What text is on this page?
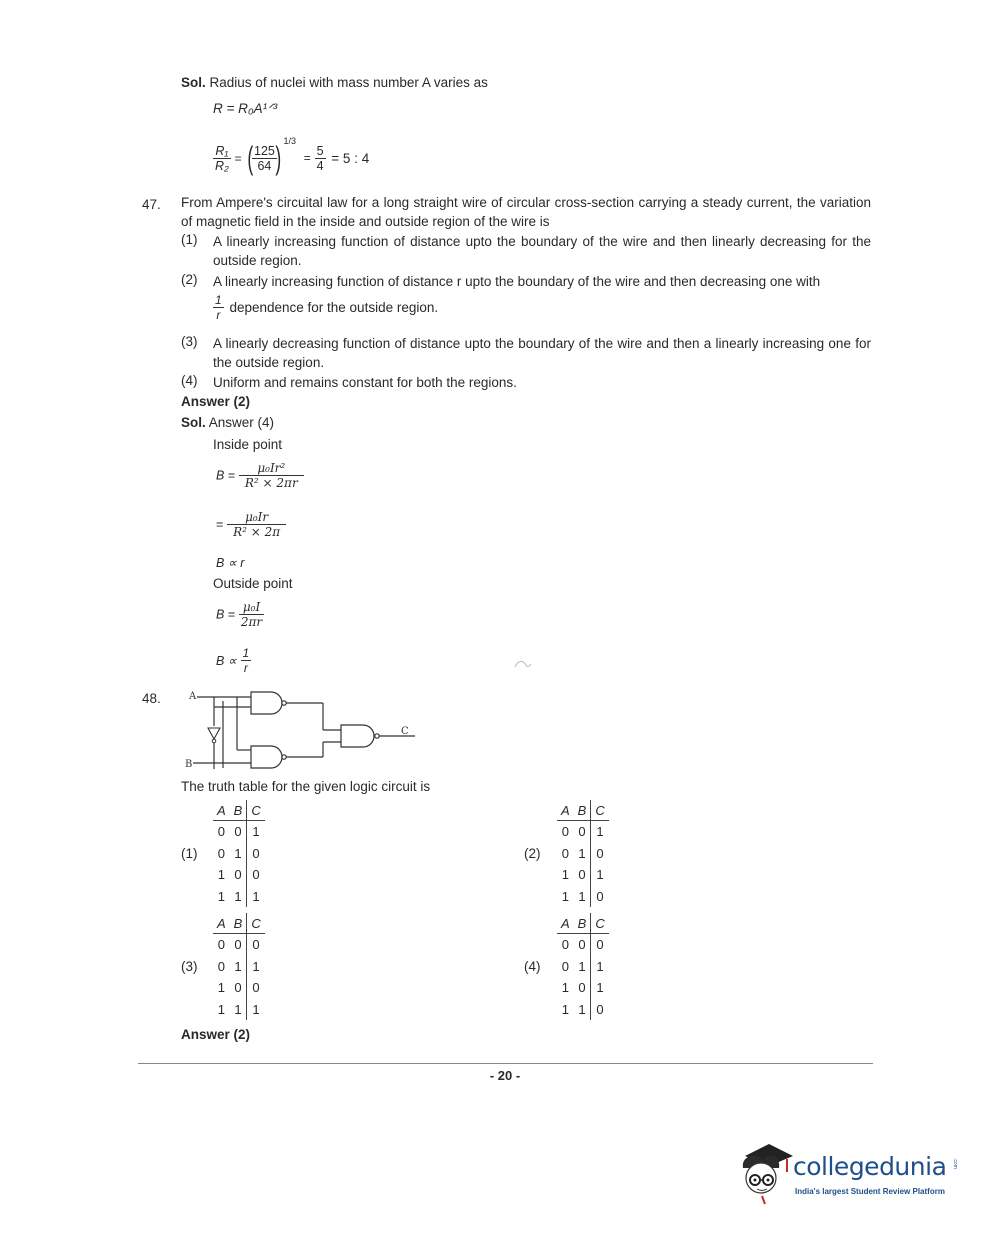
Sol. Radius of nuclei with mass number A varies as
R = R₀A¹ᐟ³
$\frac{\text{R₁}}{\text{R₂}}$ = (
$\frac{125}{64}$
) $^{1/3} = \frac{5}{4} = 5$ : 4
47. From Ampere's circuital law for a long straight wire of circular cross-section carrying a steady current, the variation of magnetic field in the inside and outside region of the wire is
(1) A linearly increasing function of distance upto the boundary of the wire and then linearly decreasing for the outside region.
(2) A linearly increasing function of distance r upto the boundary of the wire and then decreasing one with
$\frac{1}{r}$ dependence for the outside region.
(3) A linearly decreasing function of distance upto the boundary of the wire and then a linearly increasing one for the outside region.
(4) Uniform and remains constant for both the regions.
Answer (2)
Sol. Answer (4)
Inside point
$B = \frac{\text{μ₀Ir²}}{\text{R² × 2πr}}$
= $\frac{\text{μ₀Ir}}{\text{R² × 2π}}$
B ∝ r
Outside point
$B = \frac{\text{μ₀I}}{2\pi r}$
$B \propto \frac{1}{r}$
48.	A
B
C
The truth table for the given logic circuit is
(1)
A	B	C
0	0	1
0	1	0
1	0	0
1	1	1
(2)
A	B	C
0	0	1
0	1	0
1	0	1
1	1	0
(3)
A	B	C
0	0	0
0	1	1
1	0	0
1	1	1
(4)
A	B	C
0	0	0
0	1	1
1	0	1
1	1	0
Answer (2)
- 20 -
collegedunia .com
India's largest Student Review Platform
